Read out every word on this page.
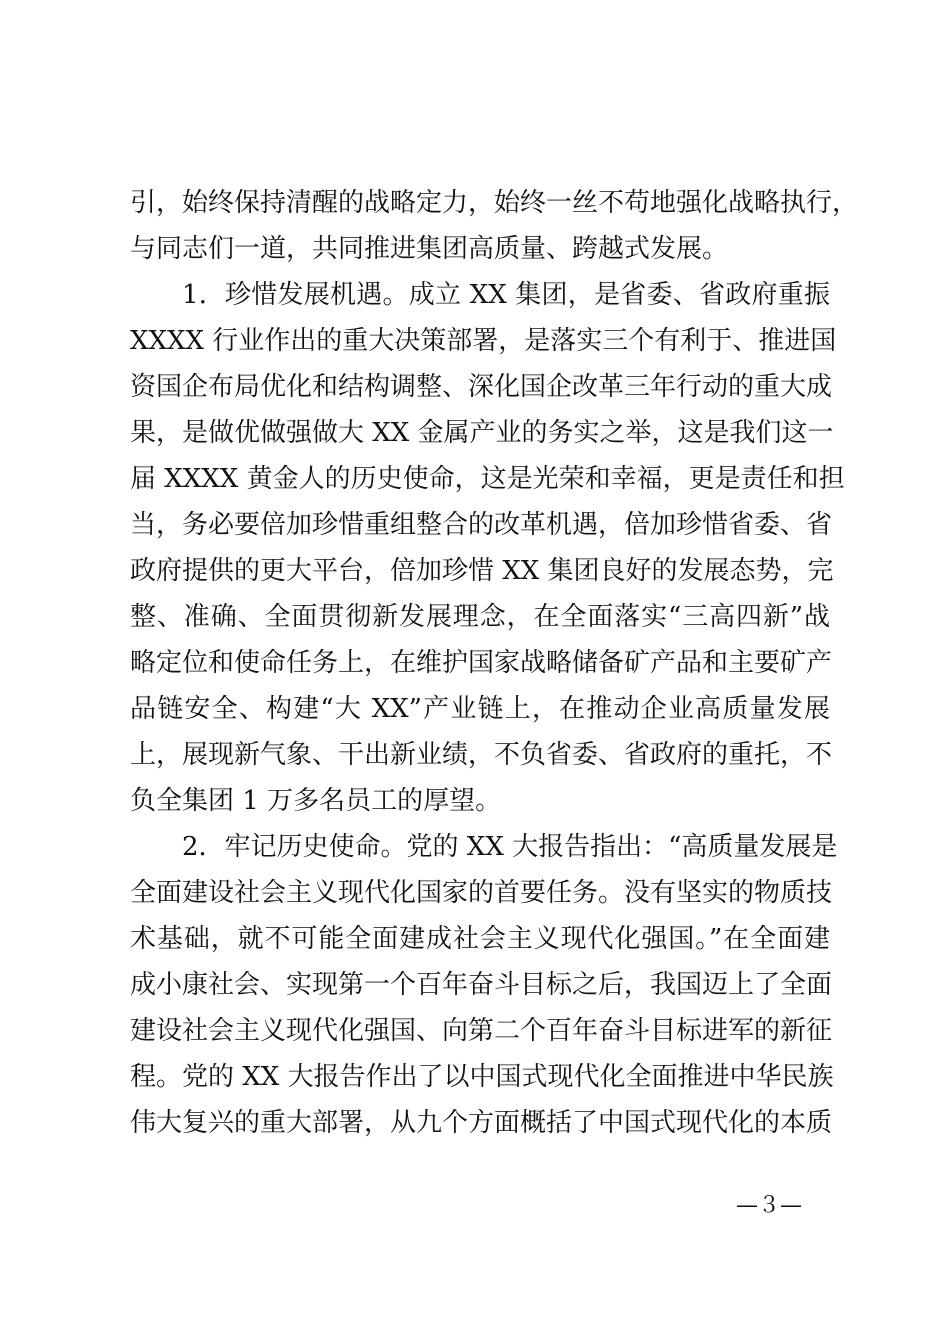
引，始终保持清醒的战略定力，始终一丝不苟地强化战略执行，
与同志们一道，共同推进集团高质量、跨越式发展。
1．珍惜发展机遇。成立 XX 集团，是省委、省政府重振
XXXX 行业作出的重大决策部署，是落实三个有利于、推进国
资国企布局优化和结构调整、深化国企改革三年行动的重大成
果，是做优做强做大 XX 金属产业的务实之举，这是我们这一
届 XXXX 黄金人的历史使命，这是光荣和幸福，更是责任和担
当，务必要倍加珍惜重组整合的改革机遇，倍加珍惜省委、省
政府提供的更大平台，倍加珍惜 XX 集团良好的发展态势，完
整、准确、全面贯彻新发展理念，在全面落实“三高四新”战
略定位和使命任务上，在维护国家战略储备矿产品和主要矿产
品链安全、构建“大 XX”产业链上，在推动企业高质量发展
上，展现新气象、干出新业绩，不负省委、省政府的重托，不
负全集团 1 万多名员工的厚望。
2．牢记历史使命。党的 XX 大报告指出：“高质量发展是
全面建设社会主义现代化国家的首要任务。没有坚实的物质技
术基础，就不可能全面建成社会主义现代化强国。”在全面建
成小康社会、实现第一个百年奋斗目标之后，我国迈上了全面
建设社会主义现代化强国、向第二个百年奋斗目标进军的新征
程。党的 XX 大报告作出了以中国式现代化全面推进中华民族
伟大复兴的重大部署，从九个方面概括了中国式现代化的本质
—３—
